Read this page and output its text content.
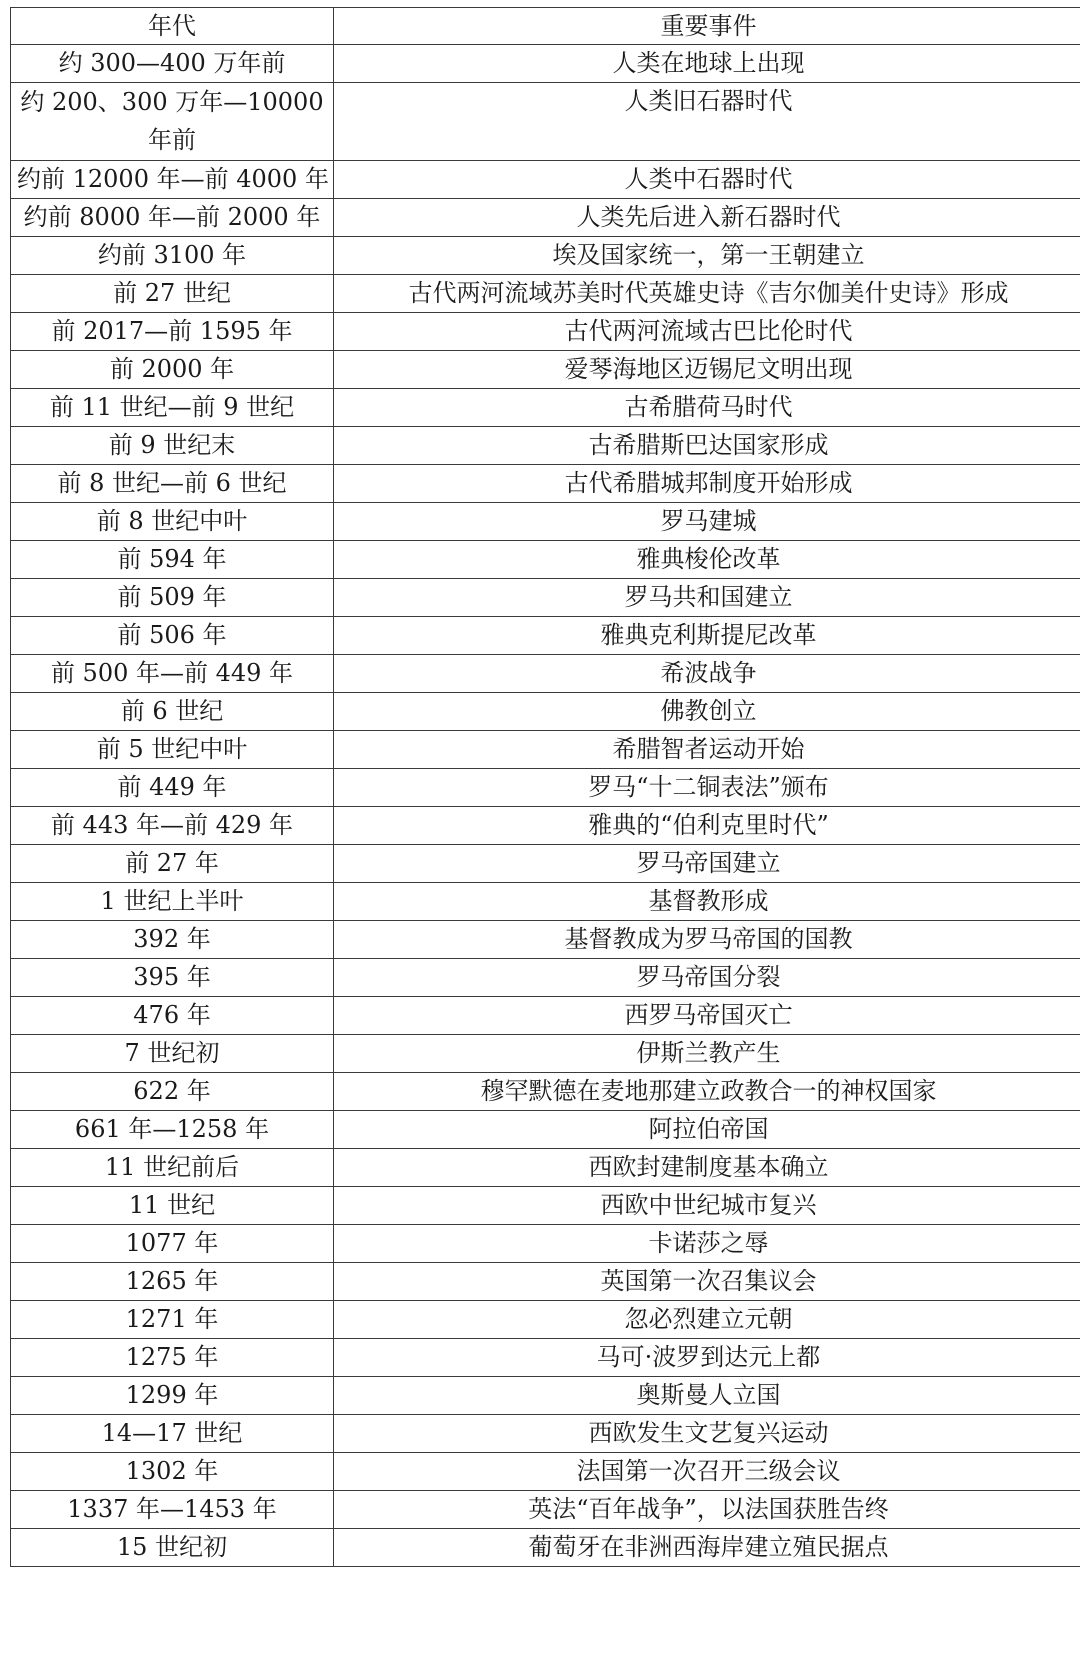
年代	重要事件
约 300—400 万年前	人类在地球上出现
约 200、300 万年—10000 年前	人类旧石器时代
约前 12000 年—前 4000 年	人类中石器时代
约前 8000 年—前 2000 年	人类先后进入新石器时代
约前 3100 年	埃及国家统一，第一王朝建立
前 27 世纪	古代两河流域苏美时代英雄史诗《吉尔伽美什史诗》形成
前 2017—前 1595 年	古代两河流域古巴比伦时代
前 2000 年	爱琴海地区迈锡尼文明出现
前 11 世纪—前 9 世纪	古希腊荷马时代
前 9 世纪末	古希腊斯巴达国家形成
前 8 世纪—前 6 世纪	古代希腊城邦制度开始形成
前 8 世纪中叶	罗马建城
前 594 年	雅典梭伦改革
前 509 年	罗马共和国建立
前 506 年	雅典克利斯提尼改革
前 500 年—前 449 年	希波战争
前 6 世纪	佛教创立
前 5 世纪中叶	希腊智者运动开始
前 449 年	罗马“十二铜表法”颁布
前 443 年—前 429 年	雅典的“伯利克里时代”
前 27 年	罗马帝国建立
1 世纪上半叶	基督教形成
392 年	基督教成为罗马帝国的国教
395 年	罗马帝国分裂
476 年	西罗马帝国灭亡
7 世纪初	伊斯兰教产生
622 年	穆罕默德在麦地那建立政教合一的神权国家
661 年—1258 年	阿拉伯帝国
11 世纪前后	西欧封建制度基本确立
11 世纪	西欧中世纪城市复兴
1077 年	卡诺莎之辱
1265 年	英国第一次召集议会
1271 年	忽必烈建立元朝
1275 年	马可·波罗到达元上都
1299 年	奥斯曼人立国
14—17 世纪	西欧发生文艺复兴运动
1302 年	法国第一次召开三级会议
1337 年—1453 年	英法“百年战争”，以法国获胜告终
15 世纪初	葡萄牙在非洲西海岸建立殖民据点
